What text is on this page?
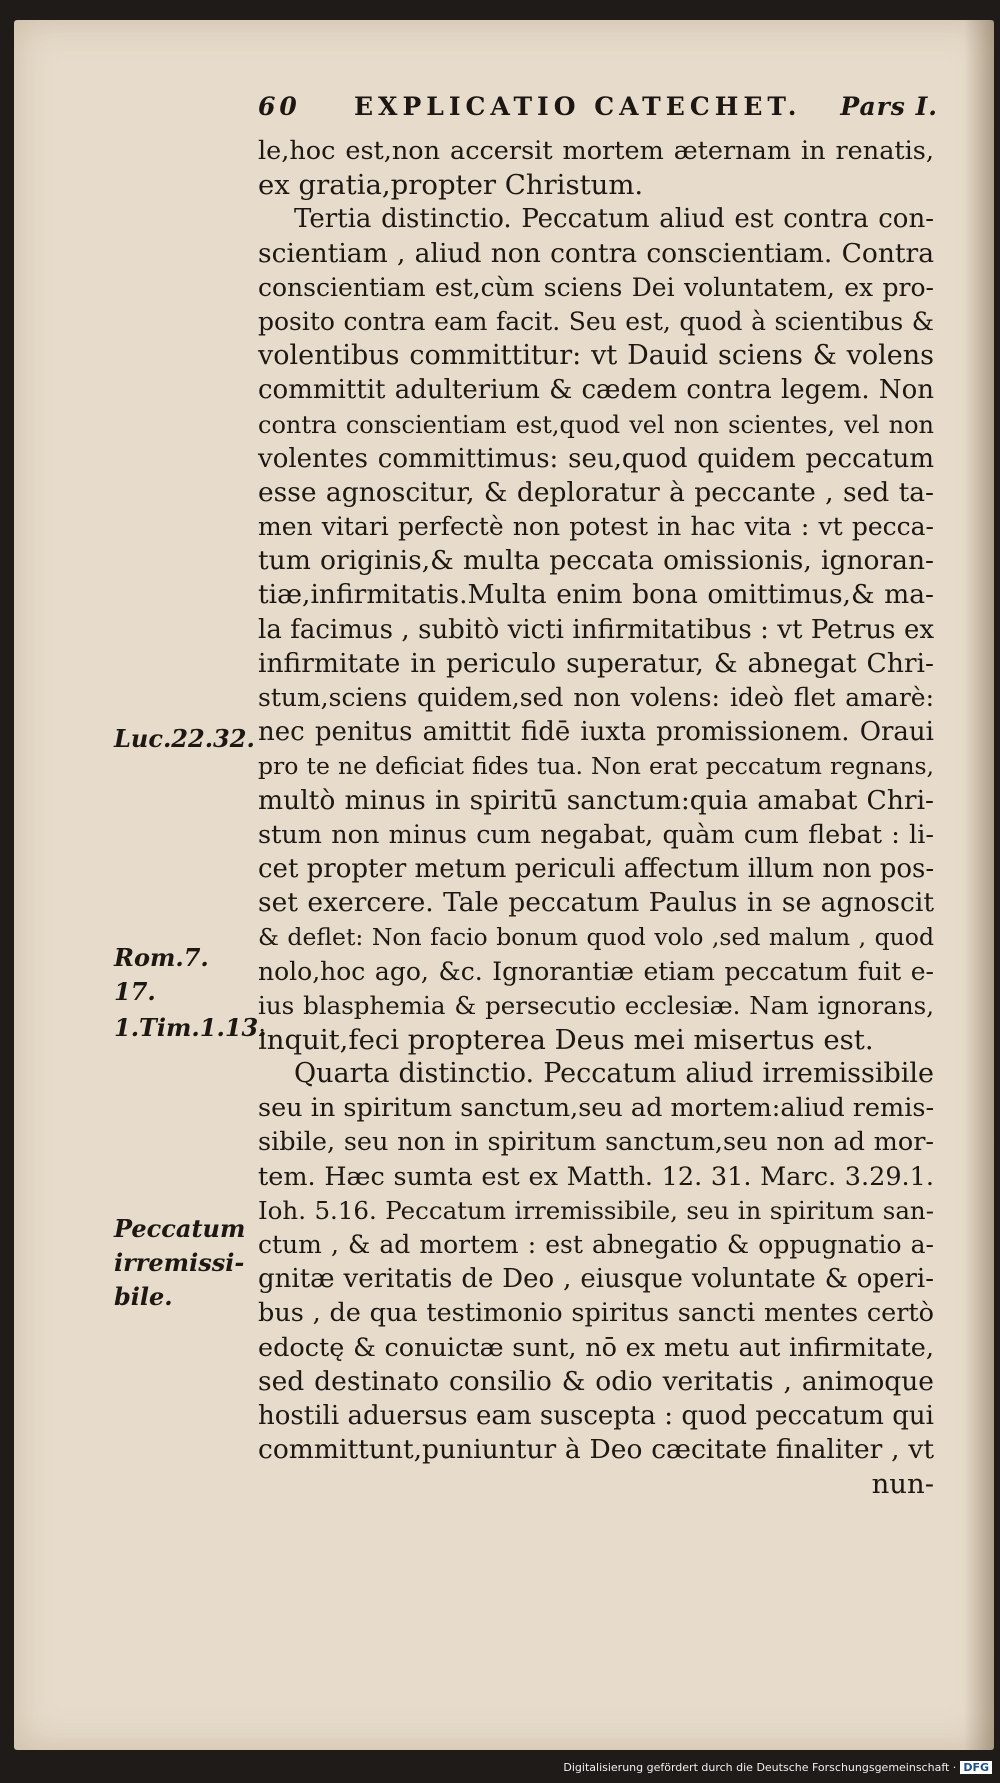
60 EXPLICATIO CATECHET. Pars I.
le,hoc est,non accersit mortem æternam in renatis,
ex gratia,propter Christum.
Tertia distinctio. Peccatum aliud est contra con-
scientiam , aliud non contra conscientiam. Contra
conscientiam est,cùm sciens Dei voluntatem, ex pro-
posito contra eam facit. Seu est, quod à scientibus &
volentibus committitur: vt Dauid sciens & volens
committit adulterium & cædem contra legem. Non
contra conscientiam est,quod vel non scientes, vel non
volentes committimus: seu,quod quidem peccatum
esse agnoscitur, & deploratur à peccante , sed ta-
men vitari perfectè non potest in hac vita : vt pecca-
tum originis,& multa peccata omissionis, ignoran-
tiæ,infirmitatis.Multa enim bona omittimus,& ma-
la facimus , subitò victi infirmitatibus : vt Petrus ex
infirmitate in periculo superatur, & abnegat Chri-
stum,sciens quidem,sed non volens: ideò flet amarè:
nec penitus amittit fidē iuxta promissionem. Oraui
pro te ne deficiat fides tua. Non erat peccatum regnans,
multò minus in spiritū sanctum:quia amabat Chri-
stum non minus cum negabat, quàm cum flebat : li-
cet propter metum periculi affectum illum non pos-
set exercere. Tale peccatum Paulus in se agnoscit
& deflet: Non facio bonum quod volo ,sed malum , quod
nolo,hoc ago, &c. Ignorantiæ etiam peccatum fuit e-
ius blasphemia & persecutio ecclesiæ. Nam ignorans,
inquit,feci propterea Deus mei misertus est.
Quarta distinctio. Peccatum aliud irremissibile
seu in spiritum sanctum,seu ad mortem:aliud remis-
sibile, seu non in spiritum sanctum,seu non ad mor-
tem. Hæc sumta est ex Matth. 12. 31. Marc. 3.29.1.
Ioh. 5.16. Peccatum irremissibile, seu in spiritum san-
ctum , & ad mortem : est abnegatio & oppugnatio a-
gnitæ veritatis de Deo , eiusque voluntate & operi-
bus , de qua testimonio spiritus sancti mentes certò
edoctę & conuictæ sunt, nō ex metu aut infirmitate,
sed destinato consilio & odio veritatis , animoque
hostili aduersus eam suscepta : quod peccatum qui
committunt,puniuntur à Deo cæcitate finaliter , vt
nun-
Luc.22.32.
Rom.7. 17.
1.Tim.1.13.
Peccatum irremissi-bile.
Digitalisierung gefördert durch die Deutsche Forschungsgemeinschaft · DFG
